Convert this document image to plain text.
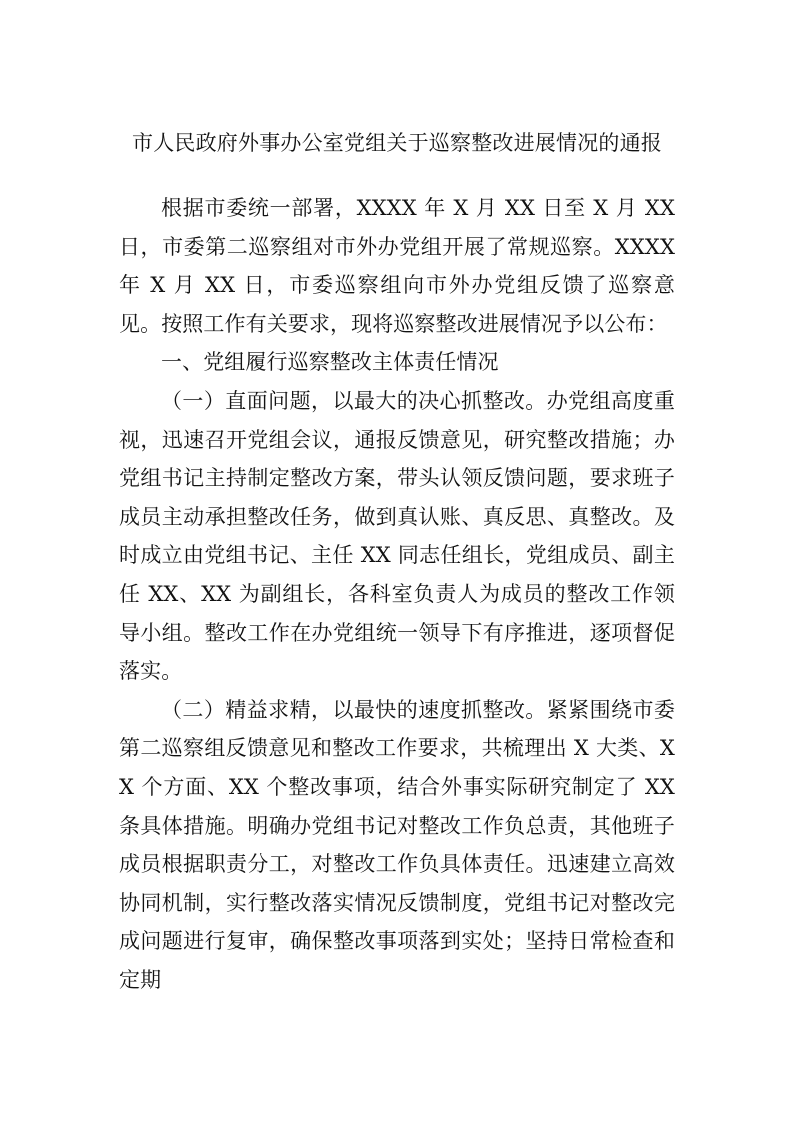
市人民政府外事办公室党组关于巡察整改进展情况的通报

根据市委统一部署，XXXX 年 X 月 XX 日至 X 月 XX 日，市委第二巡察组对市外办党组开展了常规巡察。XXXX 年 X 月 XX 日，市委巡察组向市外办党组反馈了巡察意见。按照工作有关要求，现将巡察整改进展情况予以公布：

一、党组履行巡察整改主体责任情况

（一）直面问题，以最大的决心抓整改。办党组高度重视，迅速召开党组会议，通报反馈意见，研究整改措施；办党组书记主持制定整改方案，带头认领反馈问题，要求班子成员主动承担整改任务，做到真认账、真反思、真整改。及时成立由党组书记、主任 XX 同志任组长，党组成员、副主任 XX、XX 为副组长，各科室负责人为成员的整改工作领导小组。整改工作在办党组统一领导下有序推进，逐项督促落实。

（二）精益求精，以最快的速度抓整改。紧紧围绕市委第二巡察组反馈意见和整改工作要求，共梳理出 X 大类、XX 个方面、XX 个整改事项，结合外事实际研究制定了 XX 条具体措施。明确办党组书记对整改工作负总责，其他班子成员根据职责分工，对整改工作负具体责任。迅速建立高效协同机制，实行整改落实情况反馈制度，党组书记对整改完成问题进行复审，确保整改事项落到实处；坚持日常检查和定期
